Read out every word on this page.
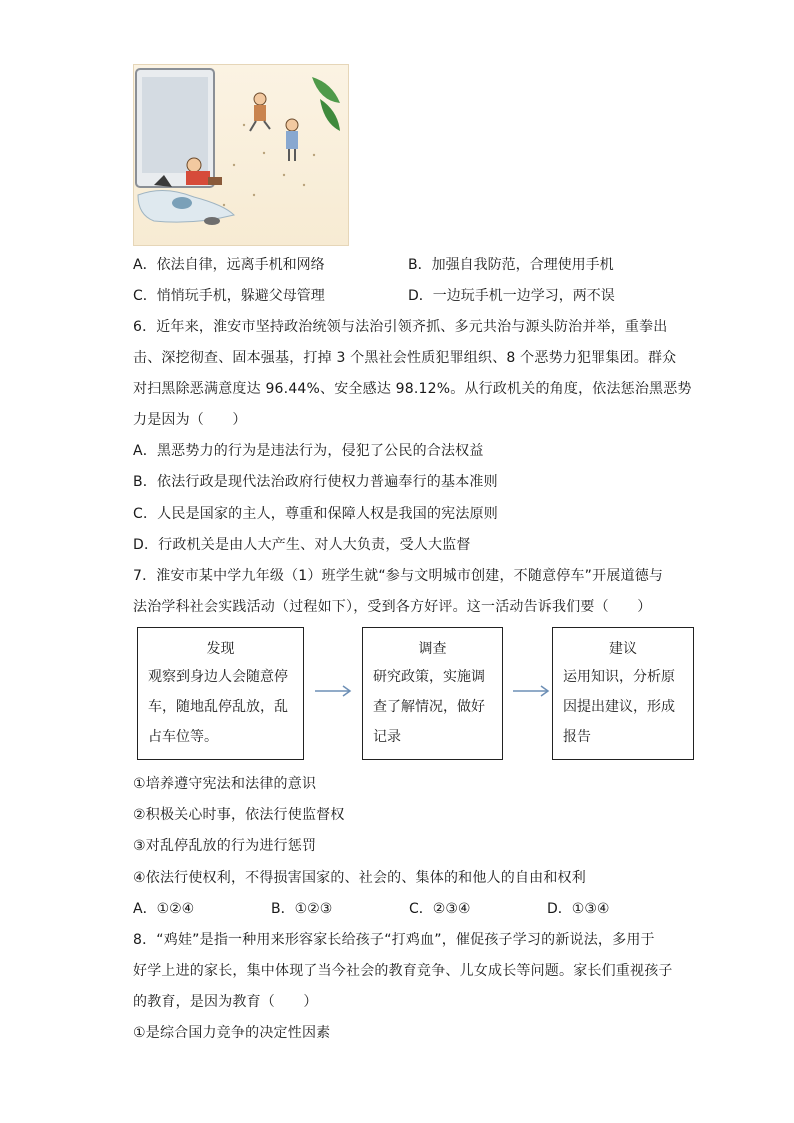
A．依法自律，远离手机和网络	B．加强自我防范，合理使用手机
C．悄悄玩手机，躲避父母管理	D．一边玩手机一边学习，两不误
6．近年来，淮安市坚持政治统领与法治引领齐抓、多元共治与源头防治并举，重拳出
击、深挖彻查、固本强基，打掉 3 个黑社会性质犯罪组织、8 个恶势力犯罪集团。群众
对扫黑除恶满意度达 96.44%、安全感达 98.12%。从行政机关的角度，依法惩治黑恶势
力是因为（　　）
A．黑恶势力的行为是违法行为，侵犯了公民的合法权益
B．依法行政是现代法治政府行使权力普遍奉行的基本准则
C．人民是国家的主人，尊重和保障人权是我国的宪法原则
D．行政机关是由人大产生、对人大负责，受人大监督
7．淮安市某中学九年级（1）班学生就“参与文明城市创建，不随意停车”开展道德与
法治学科社会实践活动（过程如下），受到各方好评。这一活动告诉我们要（　　）
发现
观察到身边人会随意停车，随地乱停乱放，乱占车位等。
调查
研究政策，实施调查了解情况，做好记录
建议
运用知识，分析原因提出建议，形成报告
①培养遵守宪法和法律的意识
②积极关心时事，依法行使监督权
③对乱停乱放的行为进行惩罚
④依法行使权利，不得损害国家的、社会的、集体的和他人的自由和权利
A．①②④	B．①②③	C．②③④	D．①③④
8．“鸡娃”是指一种用来形容家长给孩子“打鸡血”，催促孩子学习的新说法，多用于
好学上进的家长，集中体现了当今社会的教育竞争、儿女成长等问题。家长们重视孩子
的教育，是因为教育（　　）
①是综合国力竞争的决定性因素
